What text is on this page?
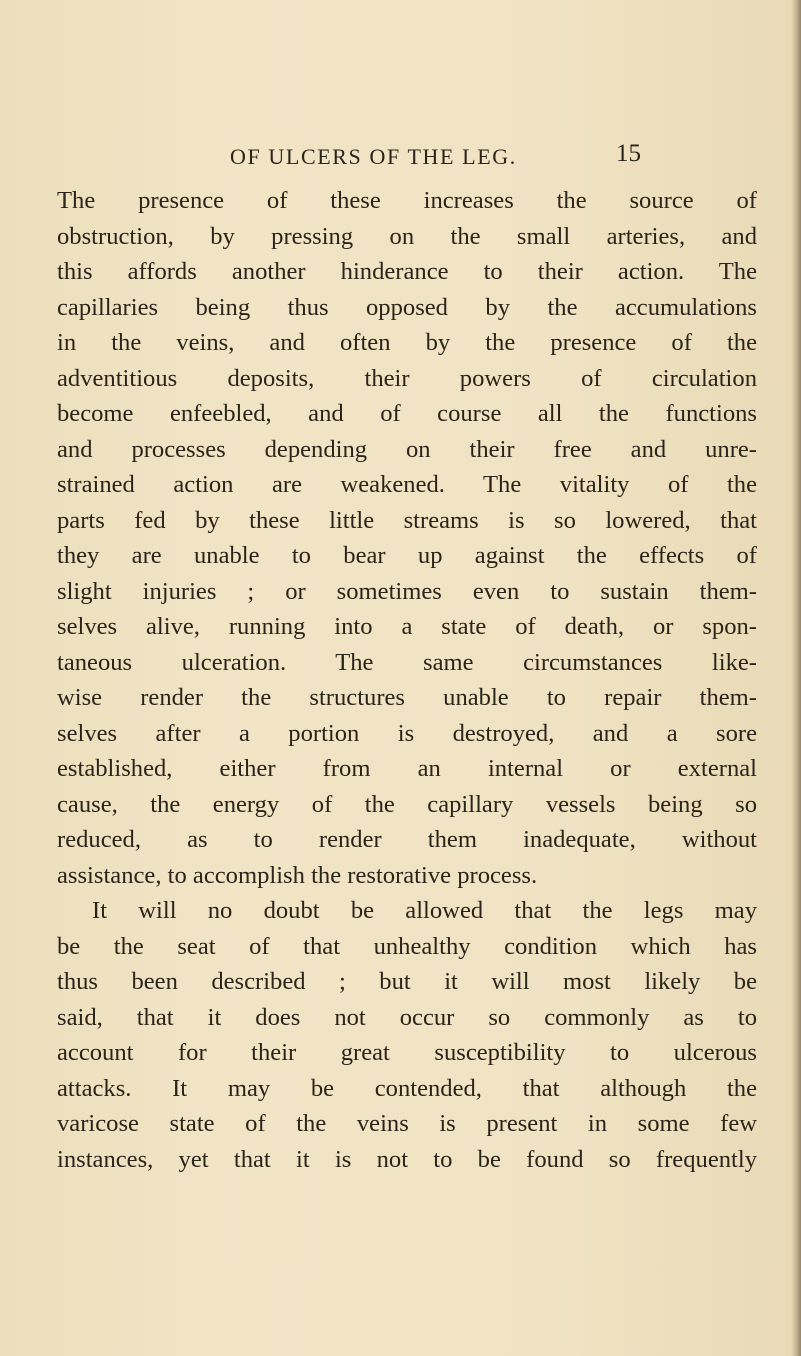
OF ULCERS OF THE LEG.	15
The presence of these increases the source of
obstruction, by pressing on the small arteries, and
this affords another hinderance to their action. The
capillaries being thus opposed by the accumulations
in the veins, and often by the presence of the
adventitious deposits, their powers of circulation
become enfeebled, and of course all the functions
and processes depending on their free and unre-
strained action are weakened. The vitality of the
parts fed by these little streams is so lowered, that
they are unable to bear up against the effects of
slight injuries ; or sometimes even to sustain them-
selves alive, running into a state of death, or spon-
taneous ulceration. The same circumstances like-
wise render the structures unable to repair them-
selves after a portion is destroyed, and a sore
established, either from an internal or external
cause, the energy of the capillary vessels being so
reduced, as to render them inadequate, without
assistance, to accomplish the restorative process.
It will no doubt be allowed that the legs may
be the seat of that unhealthy condition which has
thus been described ; but it will most likely be
said, that it does not occur so commonly as to
account for their great susceptibility to ulcerous
attacks. It may be contended, that although the
varicose state of the veins is present in some few
instances, yet that it is not to be found so frequently
